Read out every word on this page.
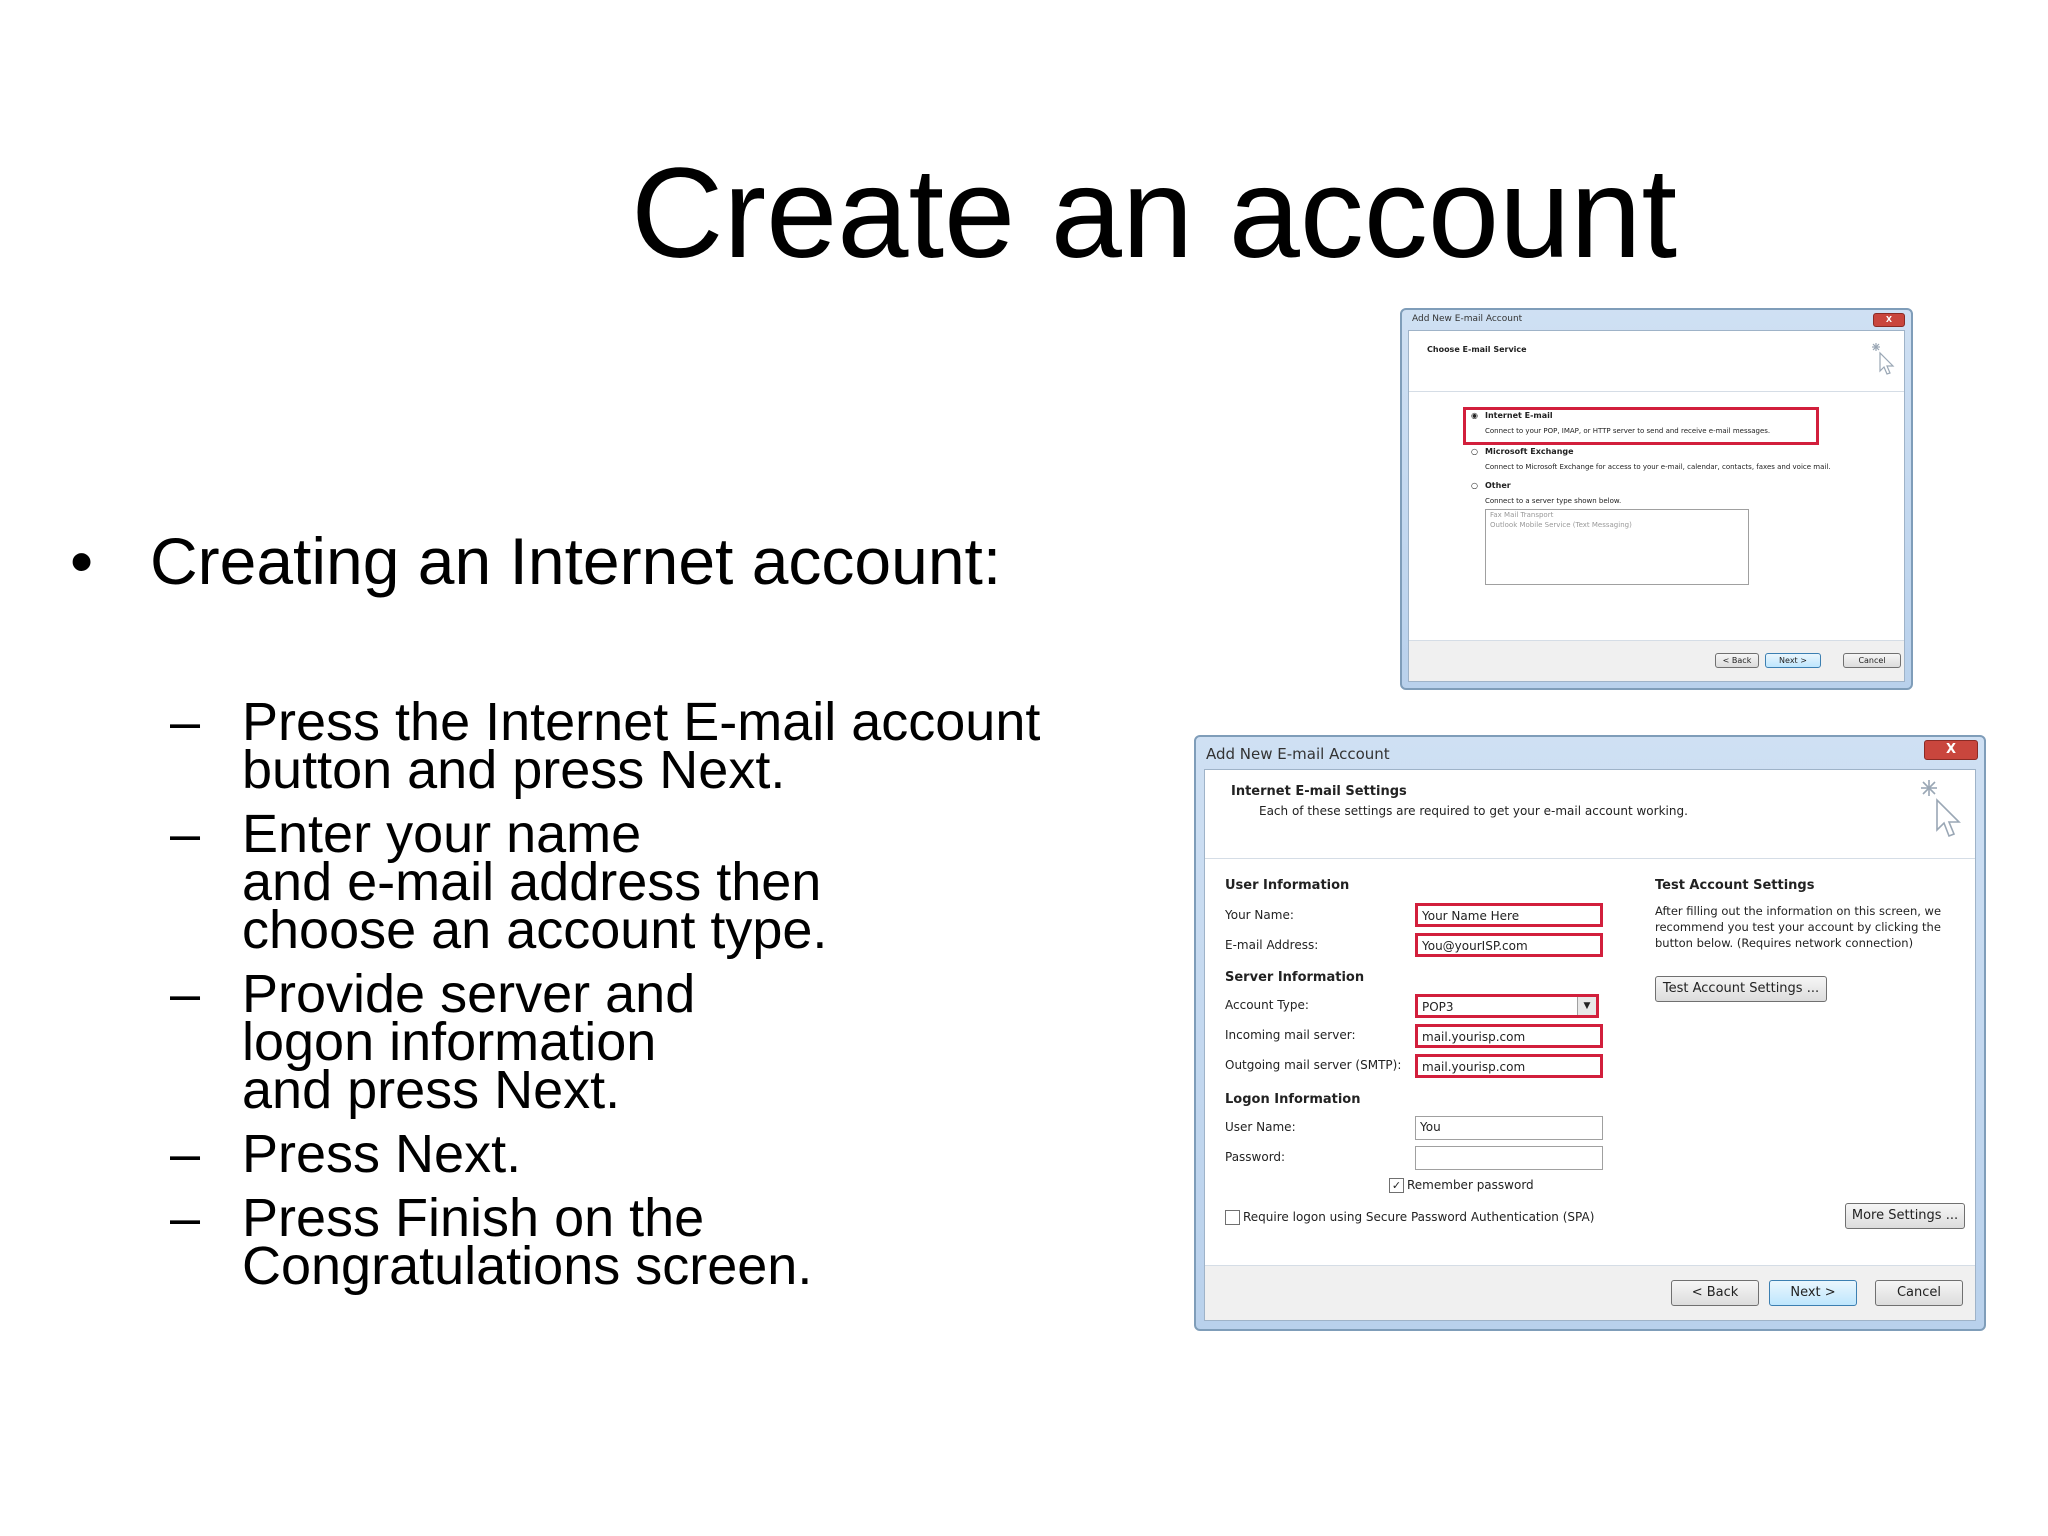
Create an account
• Creating an Internet account:
– Press the Internet E-mail account
button and press Next.
– Enter your name
and e-mail address then
choose an account type.
– Provide server and
logon information
and press Next.
– Press Next.
– Press Finish on the
Congratulations screen.
Add New E-mail Account	X
Choose E-mail Service
◉ Internet E-mail
Connect to your POP, IMAP, or HTTP server to send and receive e-mail messages.
○ Microsoft Exchange
Connect to Microsoft Exchange for access to your e-mail, calendar, contacts, faxes and voice mail.
○ Other
Connect to a server type shown below.
Fax Mail Transport
Outlook Mobile Service (Text Messaging)
< Back	Next >	Cancel
Add New E-mail Account	X
Internet E-mail Settings
Each of these settings are required to get your e-mail account working.
User Information
Your Name:	Your Name Here
E-mail Address:	You@yourISP.com
Server Information
Account Type:	POP3	▼
Incoming mail server:	mail.yourisp.com
Outgoing mail server (SMTP):	mail.yourisp.com
Logon Information
User Name:	You
Password:
✓ Remember password
Require logon using Secure Password Authentication (SPA)
Test Account Settings
After filling out the information on this screen, we
recommend you test your account by clicking the
button below. (Requires network connection)
Test Account Settings ...
More Settings ...
< Back	Next >	Cancel
